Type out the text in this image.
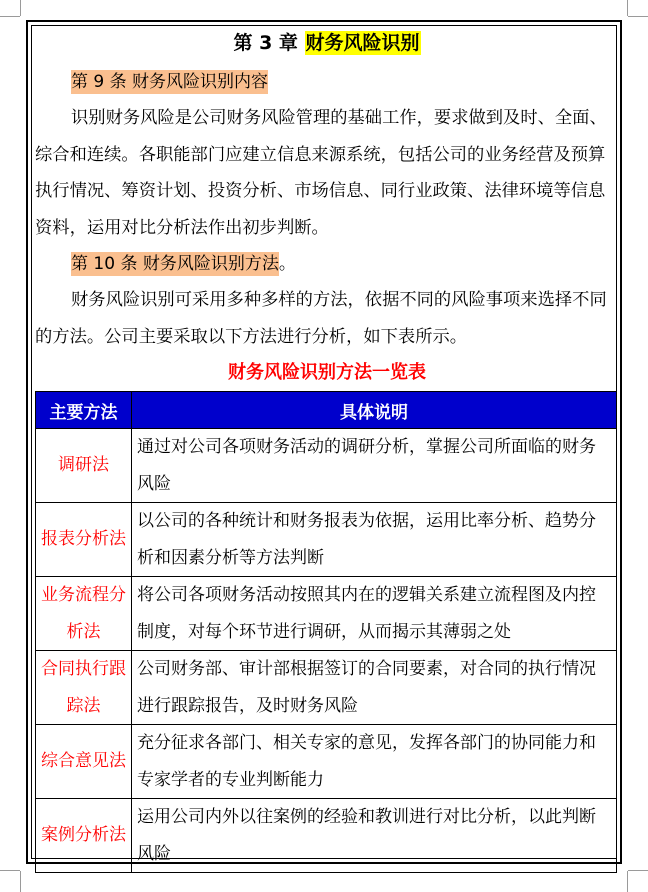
第 3 章 财务风险识别
第 9 条 财务风险识别内容

识别财务风险是公司财务风险管理的基础工作，要求做到及时、全面、综合和连续。各职能部门应建立信息来源系统，包括公司的业务经营及预算执行情况、筹资计划、投资分析、市场信息、同行业政策、法律环境等信息资料，运用对比分析法作出初步判断。

第 10 条 财务风险识别方法。

财务风险识别可采用多种多样的方法，依据不同的风险事项来选择不同的方法。公司主要采取以下方法进行分析，如下表所示。

财务风险识别方法一览表
主要方法	具体说明
调研法	通过对公司各项财务活动的调研分析，掌握公司所面临的财务风险
报表分析法	以公司的各种统计和财务报表为依据，运用比率分析、趋势分析和因素分析等方法判断
业务流程分析法	将公司各项财务活动按照其内在的逻辑关系建立流程图及内控制度，对每个环节进行调研，从而揭示其薄弱之处
合同执行跟踪法	公司财务部、审计部根据签订的合同要素，对合同的执行情况进行跟踪报告，及时财务风险
综合意见法	充分征求各部门、相关专家的意见，发挥各部门的协同能力和专家学者的专业判断能力
案例分析法	运用公司内外以往案例的经验和教训进行对比分析，以此判断风险
